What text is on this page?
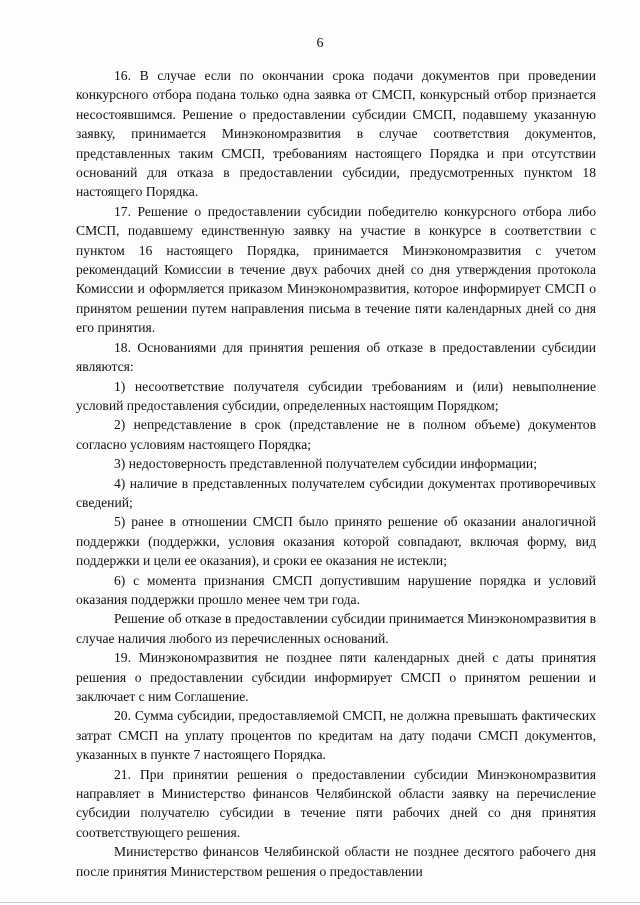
6

16. В случае если по окончании срока подачи документов при проведении конкурсного отбора подана только одна заявка от СМСП, конкурсный отбор признается несостоявшимся. Решение о предоставлении субсидии СМСП, подавшему указанную заявку, принимается Минэкономразвития в случае соответствия документов, представленных таким СМСП, требованиям настоящего Порядка и при отсутствии оснований для отказа в предоставлении субсидии, предусмотренных пунктом 18 настоящего Порядка.

17. Решение о предоставлении субсидии победителю конкурсного отбора либо СМСП, подавшему единственную заявку на участие в конкурсе в соответствии с пунктом 16 настоящего Порядка, принимается Минэкономразвития с учетом рекомендаций Комиссии в течение двух рабочих дней со дня утверждения протокола Комиссии и оформляется приказом Минэкономразвития, которое информирует СМСП о принятом решении путем направления письма в течение пяти календарных дней со дня его принятия.

18. Основаниями для принятия решения об отказе в предоставлении субсидии являются:

1) несоответствие получателя субсидии требованиям и (или) невыполнение условий предоставления субсидии, определенных настоящим Порядком;

2) непредставление в срок (представление не в полном объеме) документов согласно условиям настоящего Порядка;

3) недостоверность представленной получателем субсидии информации;

4) наличие в представленных получателем субсидии документах противоречивых сведений;

5) ранее в отношении СМСП было принято решение об оказании аналогичной поддержки (поддержки, условия оказания которой совпадают, включая форму, вид поддержки и цели ее оказания), и сроки ее оказания не истекли;

6) с момента признания СМСП допустившим нарушение порядка и условий оказания поддержки прошло менее чем три года.

Решение об отказе в предоставлении субсидии принимается Минэкономразвития в случае наличия любого из перечисленных оснований.

19. Минэкономразвития не позднее пяти календарных дней с даты принятия решения о предоставлении субсидии информирует СМСП о принятом решении и заключает с ним Соглашение.

20. Сумма субсидии, предоставляемой СМСП, не должна превышать фактических затрат СМСП на уплату процентов по кредитам на дату подачи СМСП документов, указанных в пункте 7 настоящего Порядка.

21. При принятии решения о предоставлении субсидии Минэкономразвития направляет в Министерство финансов Челябинской области заявку на перечисление субсидии получателю субсидии в течение пяти рабочих дней со дня принятия соответствующего решения.

Министерство финансов Челябинской области не позднее десятого рабочего дня после принятия Министерством решения о предоставлении
